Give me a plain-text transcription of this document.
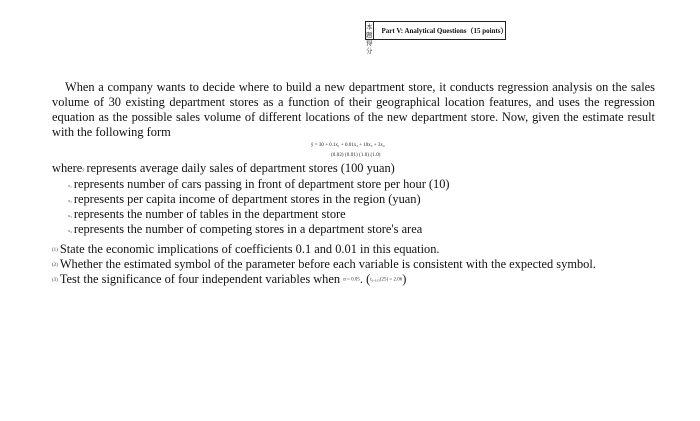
本题
得分
Part V: Analytical Questions（15 points）

When a company wants to decide where to build a new department store, it conducts regression analysis on the sales volume of 30 existing department stores as a function of their geographical location features, and uses the regression equation as the possible sales volume of different locations of the new department store. Now, given the estimate result with the following form

ŷ = 30 + 0.1x₁ + 0.01x₂ + 10x₃ + 3x₄
(0.02) (0.01) (1.0) (1.0)
whereŷ represents average daily sales of department stores (100 yuan)
x₁ represents number of cars passing in front of department store per hour (10)
x₂ represents per capita income of department stores in the region (yuan)
x₃ represents the number of tables in the department store
x₄ represents the number of competing stores in a department store's area
(1) State the economic implications of coefficients 0.1 and 0.01 in this equation.
(2) Whether the estimated symbol of the parameter before each variable is consistent with the expected symbol.
(3) Test the significance of four independent variables when α = 0.05. (t₀.₀₂₅(25) = 2.06)
